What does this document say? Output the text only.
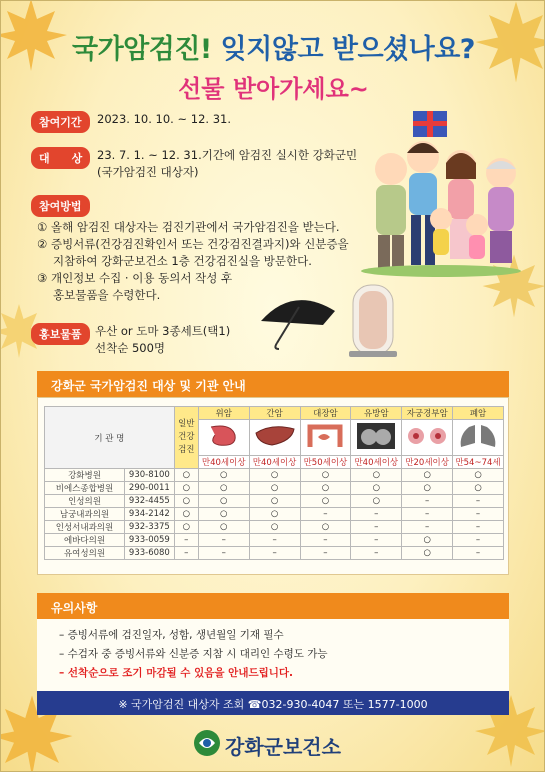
국가암검진! 잊지않고 받으셨나요?
선물 받아가세요~
참여기간	2023. 10. 10. ~ 12. 31.
대　　상	23. 7. 1. ~ 12. 31.기간에 암검진 실시한 강화군민
(국가암검진 대상자)
참여방법
① 올해 암검진 대상자는 검진기관에서 국가암검진을 받는다.
② 증빙서류(건강검진확인서 또는 건강검진결과지)와 신분증을
지참하여 강화군보건소 1층 건강검진실을 방문한다.
③ 개인정보 수집 · 이용 동의서 작성 후
홍보물품을 수령한다.
홍보물품	우산 or 도마 3종세트(택1)
선착순 500명
강화군 국가암검진 대상 및 기관 안내
기 관 명		일반
건강
검진	위암	간암	대장암	유방암	자궁경부암	폐암

			만40세이상	만40세이상	만50세이상	만40세이상	만20세이상	만54~74세
강화병원	930-8100	○	○	○	○	○	○	○
비에스종합병원	290-0011	○	○	○	○	○	○	○
인성의원	932-4455	○	○	○	○	○	–	–
남궁내과의원	934-2142	○	○	○	–	–	–	–
인성서내과의원	932-3375	○	○	○	○	–	–	–
에바다의원	933-0059	–	–	–	–	–	○	–
유여성의원	933-6080	–	–	–	–	–	○	–
유의사항
– 증빙서류에 검진일자, 성함, 생년월일 기재 필수
– 수검자 중 증빙서류와 신분증 지참 시 대리인 수령도 가능
– 선착순으로 조기 마감될 수 있음을 안내드립니다.
※ 국가암검진 대상자 조회 ☎032-930-4047 또는 1577-1000
강화군보건소
